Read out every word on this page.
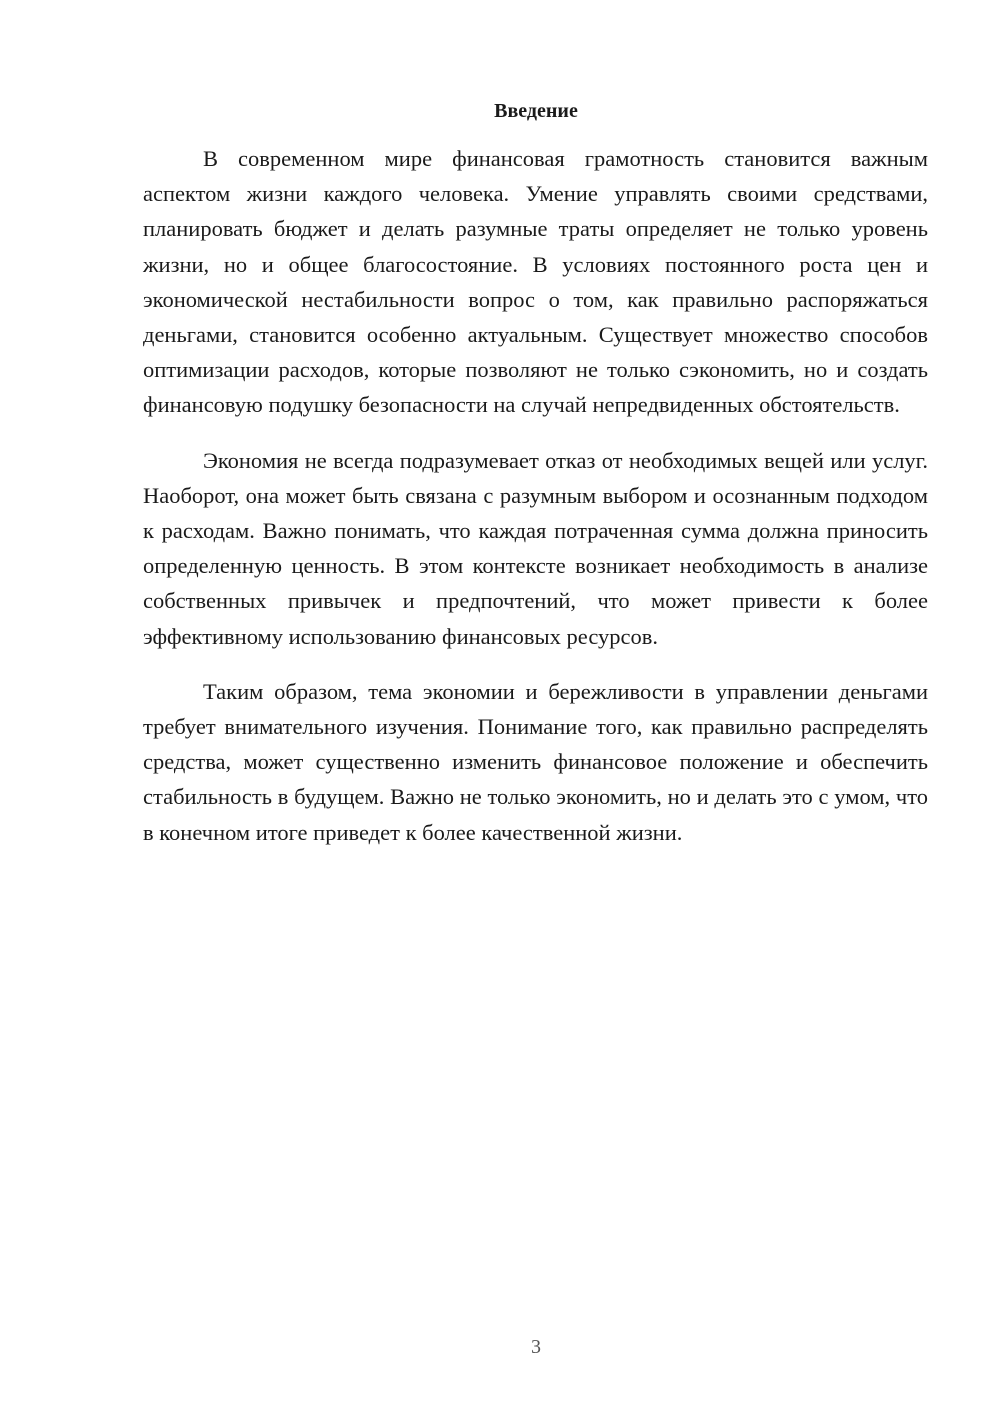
Введение

В современном мире финансовая грамотность становится важным аспектом жизни каждого человека. Умение управлять своими средствами, планировать бюджет и делать разумные траты определяет не только уровень жизни, но и общее благосостояние. В условиях постоянного роста цен и экономической нестабильности вопрос о том, как правильно распоряжаться деньгами, становится особенно актуальным. Существует множество способов оптимизации расходов, которые позволяют не только сэкономить, но и создать финансовую подушку безопасности на случай непредвиденных обстоятельств.

Экономия не всегда подразумевает отказ от необходимых вещей или услуг. Наоборот, она может быть связана с разумным выбором и осознанным подходом к расходам. Важно понимать, что каждая потраченная сумма должна приносить определенную ценность. В этом контексте возникает необходимость в анализе собственных привычек и предпочтений, что может привести к более эффективному использованию финансовых ресурсов.

Таким образом, тема экономии и бережливости в управлении деньгами требует внимательного изучения. Понимание того, как правильно распределять средства, может существенно изменить финансовое положение и обеспечить стабильность в будущем. Важно не только экономить, но и делать это с умом, что в конечном итоге приведет к более качественной жизни.

3
